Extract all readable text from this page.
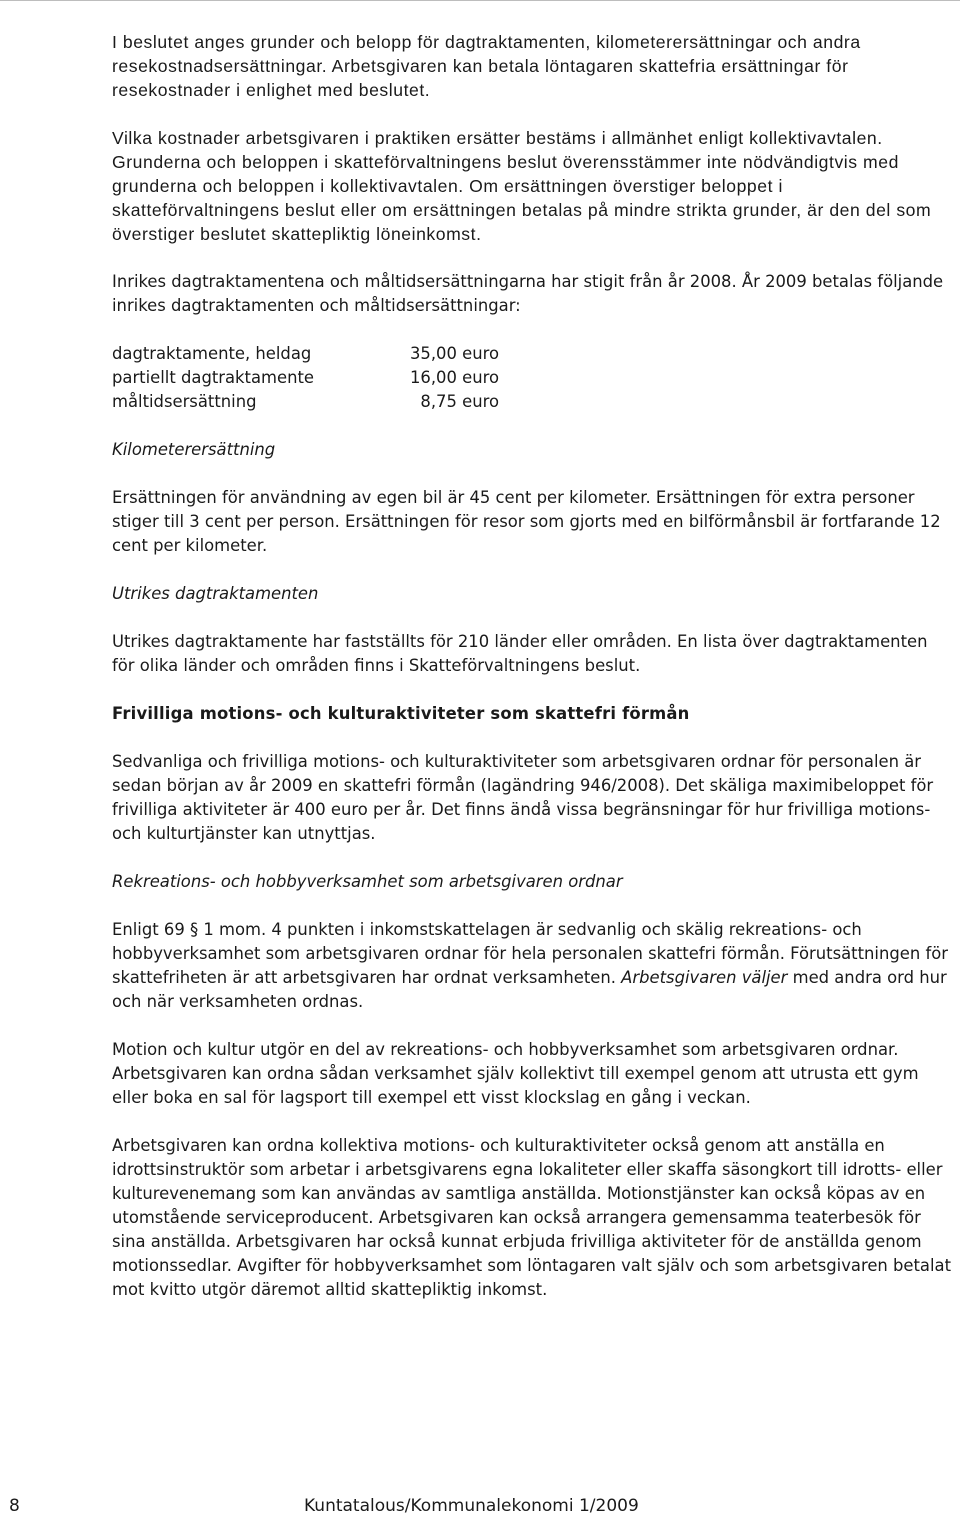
I beslutet anges grunder och belopp för dagtraktamenten, kilometerersättningar och andra resekostnadsersättningar. Arbetsgivaren kan betala löntagaren skattefria ersättningar för resekostnader i enlighet med beslutet.

Vilka kostnader arbetsgivaren i praktiken ersätter bestäms i allmänhet enligt kollektivavtalen. Grunderna och beloppen i skatteförvaltningens beslut överensstämmer inte nödvändigtvis med grunderna och beloppen i kollektivavtalen. Om ersättningen överstiger beloppet i skatteförvaltningens beslut eller om ersättningen betalas på mindre strikta grunder, är den del som överstiger beslutet skattepliktig löneinkomst.

Inrikes dagtraktamentena och måltidsersättningarna har stigit från år 2008. År 2009 betalas följande inrikes dagtraktamenten och måltidsersättningar:

dagtraktamente, heldag	35,00 euro
partiellt dagtraktamente	16,00 euro
måltidsersättning	8,75 euro
Kilometerersättning

Ersättningen för användning av egen bil är 45 cent per kilometer. Ersättningen för extra personer stiger till 3 cent per person. Ersättningen för resor som gjorts med en bilförmånsbil är fortfarande 12 cent per kilometer.

Utrikes dagtraktamenten

Utrikes dagtraktamente har fastställts för 210 länder eller områden. En lista över dagtraktamenten för olika länder och områden finns i Skatteförvaltningens beslut.

Frivilliga motions- och kulturaktiviteter som skattefri förmån

Sedvanliga och frivilliga motions- och kulturaktiviteter som arbetsgivaren ordnar för personalen är sedan början av år 2009 en skattefri förmån (lagändring 946/2008). Det skäliga maximibeloppet för frivilliga aktiviteter är 400 euro per år. Det finns ändå vissa begränsningar för hur frivilliga motions- och kulturtjänster kan utnyttjas.

Rekreations- och hobbyverksamhet som arbetsgivaren ordnar

Enligt 69 § 1 mom. 4 punkten i inkomstskattelagen är sedvanlig och skälig rekreations- och hobbyverksamhet som arbetsgivaren ordnar för hela personalen skattefri förmån. Förutsättningen för skattefriheten är att arbetsgivaren har ordnat verksamheten. Arbetsgivaren väljer med andra ord hur och när verksamheten ordnas.

Motion och kultur utgör en del av rekreations- och hobbyverksamhet som arbetsgivaren ordnar. Arbetsgivaren kan ordna sådan verksamhet själv kollektivt till exempel genom att utrusta ett gym eller boka en sal för lagsport till exempel ett visst klockslag en gång i veckan.

Arbetsgivaren kan ordna kollektiva motions- och kulturaktiviteter också genom att anställa en idrottsinstruktör som arbetar i arbetsgivarens egna lokaliteter eller skaffa säsongkort till idrotts- eller kulturevenemang som kan användas av samtliga anställda. Motionstjänster kan också köpas av en utomstående serviceproducent. Arbetsgivaren kan också arrangera gemensamma teaterbesök för sina anställda. Arbetsgivaren har också kunnat erbjuda frivilliga aktiviteter för de anställda genom motionssedlar. Avgifter för hobbyverksamhet som löntagaren valt själv och som arbetsgivaren betalat mot kvitto utgör däremot alltid skattepliktig inkomst.

8	Kuntatalous/Kommunalekonomi 1/2009
